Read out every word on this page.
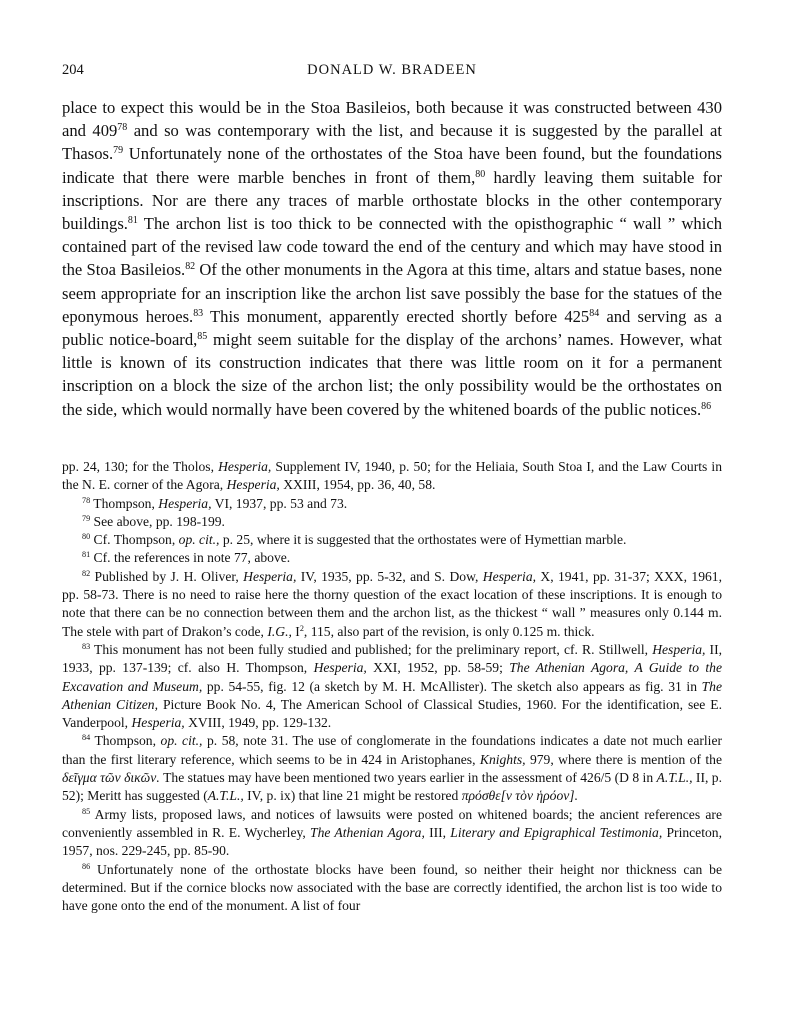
204	DONALD W. BRADEEN

place to expect this would be in the Stoa Basileios, both because it was constructed between 430 and $409^{78}$ and so was contemporary with the list, and because it is suggested by the parallel at Thasos.$^{79}$ Unfortunately none of the orthostates of the Stoa have been found, but the foundations indicate that there were marble benches in front of them,$^{80}$ hardly leaving them suitable for inscriptions. Nor are there any traces of marble orthostate blocks in the other contemporary buildings.$^{81}$ The archon list is too thick to be connected with the opisthographic “ wall ” which contained part of the revised law code toward the end of the century and which may have stood in the Stoa Basileios.$^{82}$ Of the other monuments in the Agora at this time, altars and statue bases, none seem appropriate for an inscription like the archon list save possibly the base for the statues of the eponymous heroes.$^{83}$ This monument, apparently erected shortly before $425^{84}$ and serving as a public notice-board,$^{85}$ might seem suitable for the display of the archons’ names. However, what little is known of its construction indicates that there was little room on it for a permanent inscription on a block the size of the archon list; the only possibility would be the orthostates on the side, which would normally have been covered by the whitened boards of the public notices.$^{86}$

pp. 24, 130; for the Tholos, Hesperia, Supplement IV, 1940, p. 50; for the Heliaia, South Stoa I, and the Law Courts in the N. E. corner of the Agora, Hesperia, XXIII, 1954, pp. 36, 40, 58.

$^{78}$ Thompson, Hesperia, VI, 1937, pp. 53 and 73.

$^{79}$ See above, pp. 198-199.

$^{80}$ Cf. Thompson, op. cit., p. 25, where it is suggested that the orthostates were of Hymettian marble.

$^{81}$ Cf. the references in note 77, above.

$^{82}$ Published by J. H. Oliver, Hesperia, IV, 1935, pp. 5-32, and S. Dow, Hesperia, X, 1941, pp. 31-37; XXX, 1961, pp. 58-73. There is no need to raise here the thorny question of the exact location of these inscriptions. It is enough to note that there can be no connection between them and the archon list, as the thickest “ wall ” measures only 0.144 m. The stele with part of Drakon’s code, I.G., $I^2$, 115, also part of the revision, is only 0.125 m. thick.

$^{83}$ This monument has not been fully studied and published; for the preliminary report, cf. R. Stillwell, Hesperia, II, 1933, pp. 137-139; cf. also H. Thompson, Hesperia, XXI, 1952, pp. 58-59; The Athenian Agora, A Guide to the Excavation and Museum, pp. 54-55, fig. 12 (a sketch by M. H. McAllister). The sketch also appears as fig. 31 in The Athenian Citizen, Picture Book No. 4, The American School of Classical Studies, 1960. For the identification, see E. Vanderpool, Hesperia, XVIII, 1949, pp. 129-132.

$^{84}$ Thompson, op. cit., p. 58, note 31. The use of conglomerate in the foundations indicates a date not much earlier than the first literary reference, which seems to be in 424 in Aristophanes, Knights, 979, where there is mention of the δεῖγμα τῶν δικῶν. The statues may have been mentioned two years earlier in the assessment of 426/5 (D 8 in A.T.L., II, p. 52); Meritt has suggested (A.T.L., IV, p. ix) that line 21 might be restored πρόσθε[ν τὸν ἡρόον].

$^{85}$ Army lists, proposed laws, and notices of lawsuits were posted on whitened boards; the ancient references are conveniently assembled in R. E. Wycherley, The Athenian Agora, III, Literary and Epigraphical Testimonia, Princeton, 1957, nos. 229-245, pp. 85-90.

$^{86}$ Unfortunately none of the orthostate blocks have been found, so neither their height nor thickness can be determined. But if the cornice blocks now associated with the base are correctly identified, the archon list is too wide to have gone onto the end of the monument. A list of four
